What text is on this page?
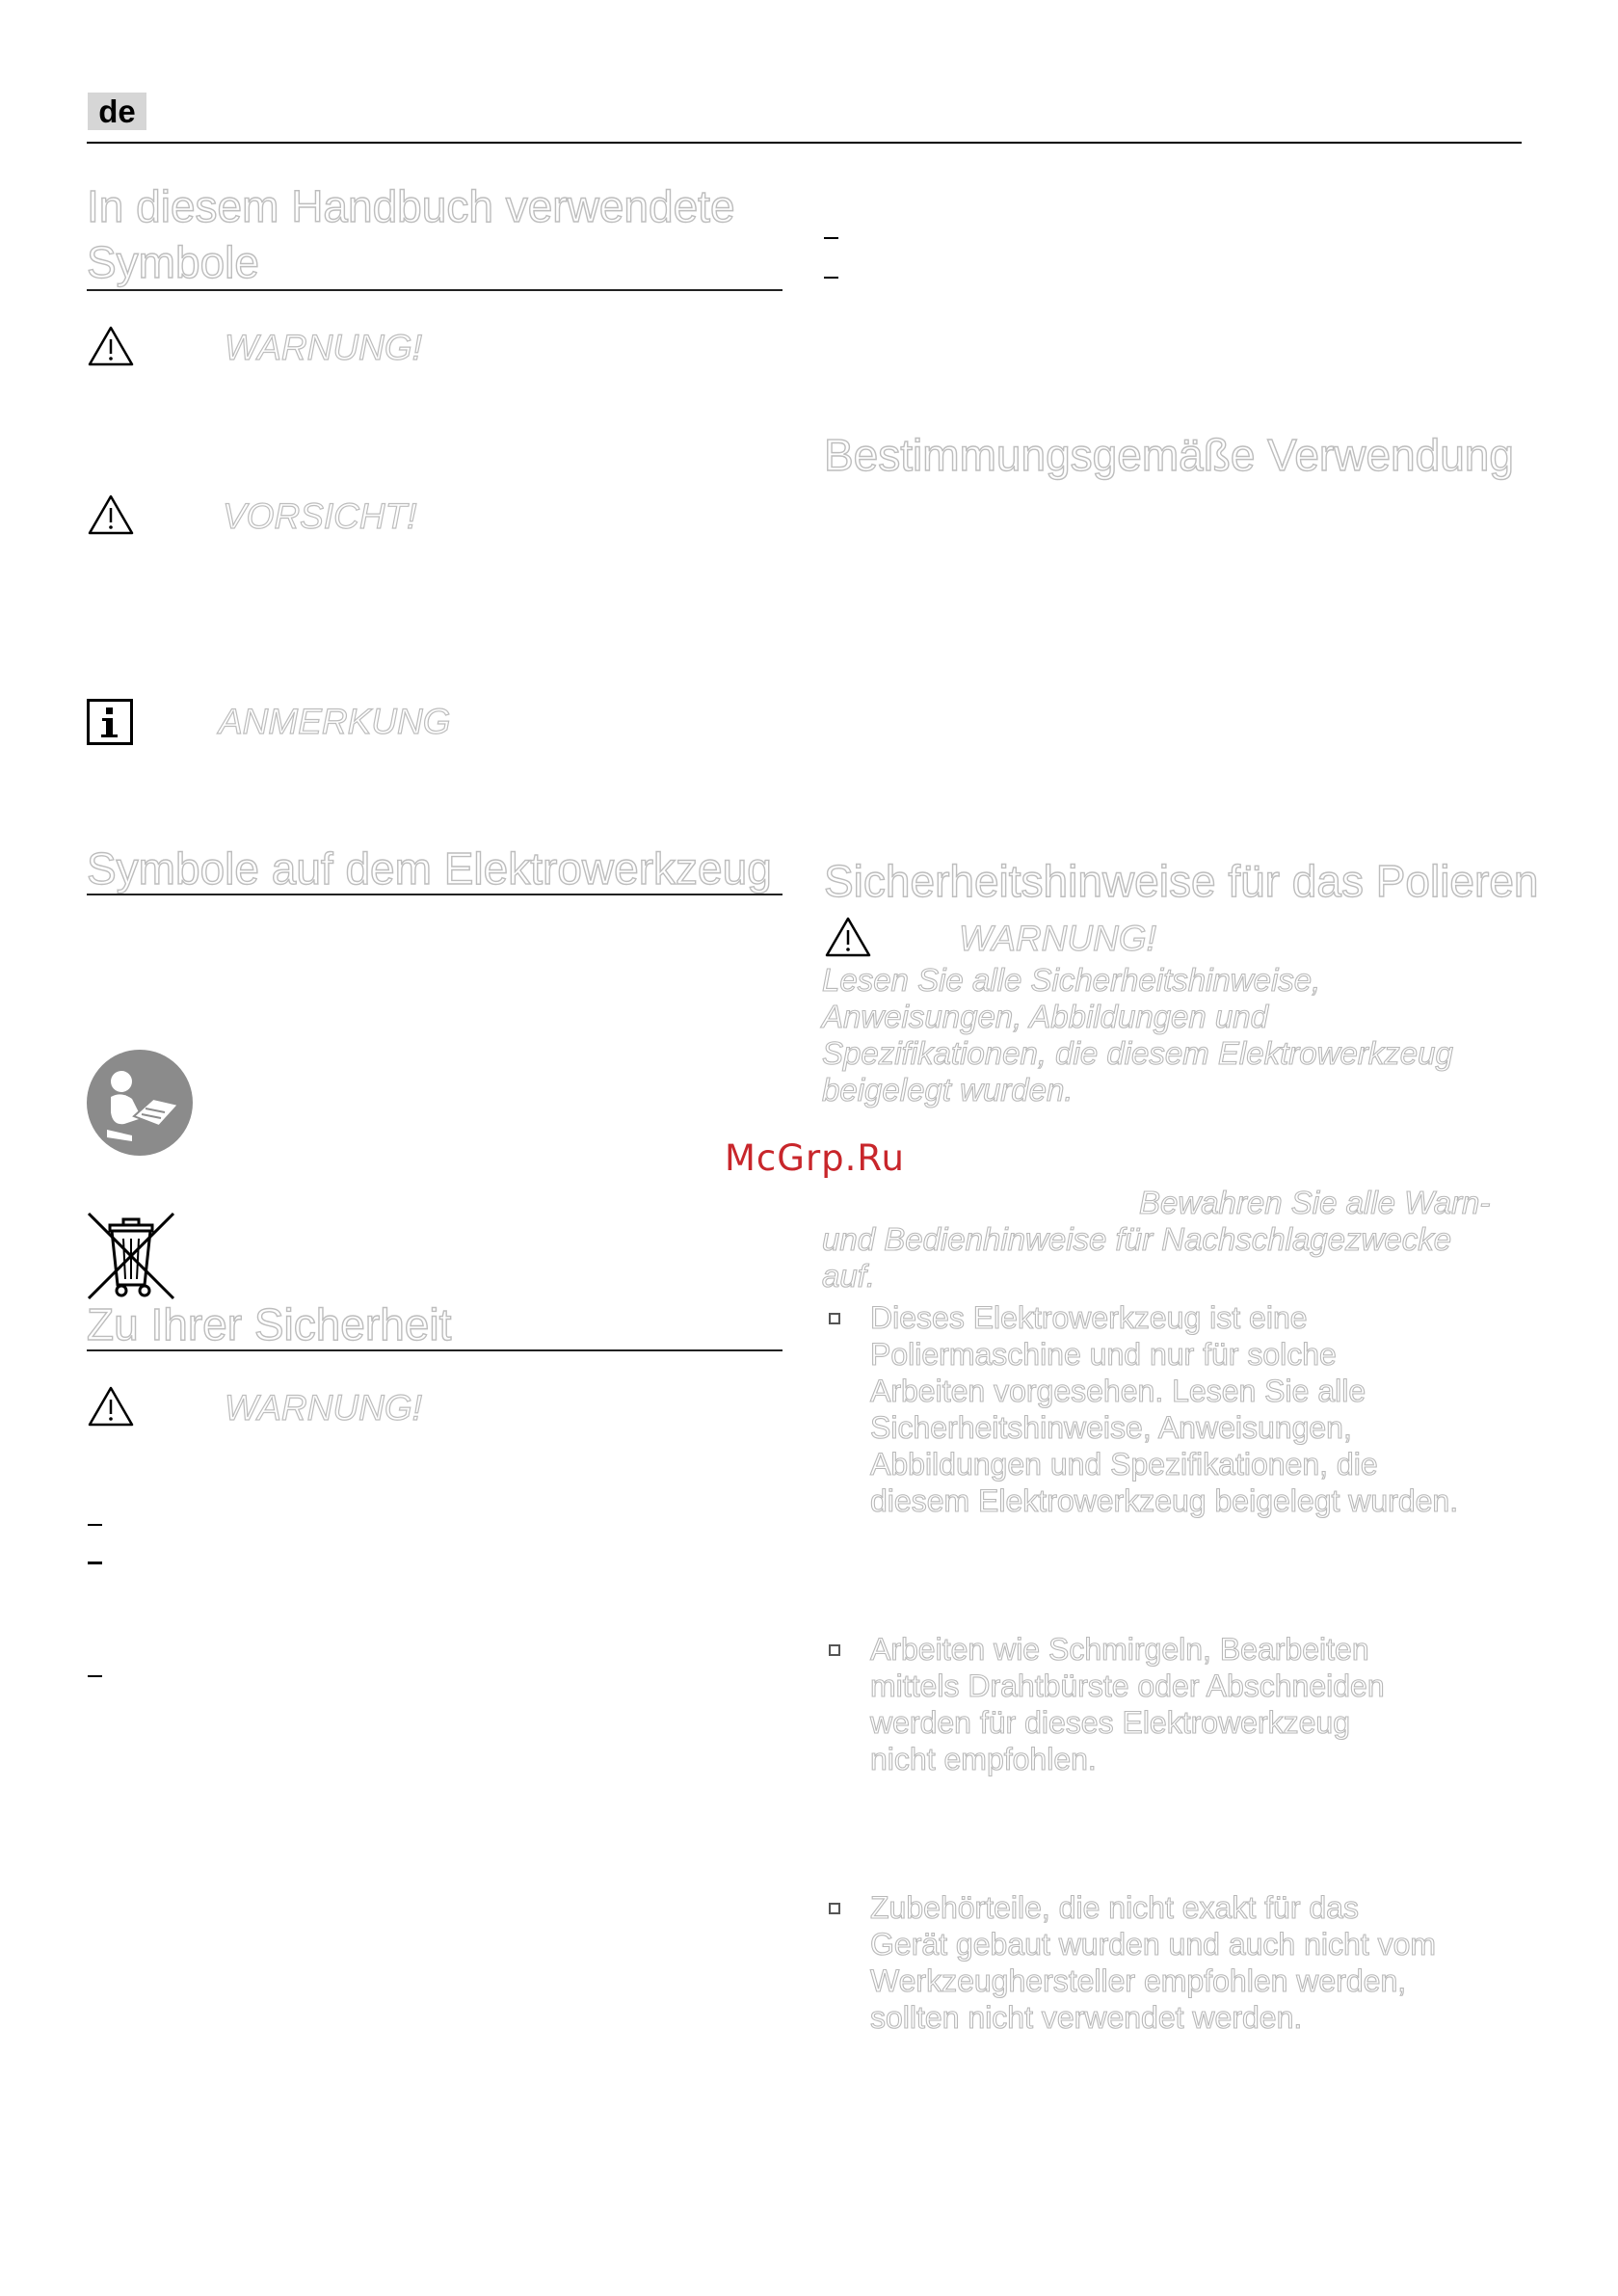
de
In diesem Handbuch verwendete
Symbole
WARNUNG!
VORSICHT!
ANMERKUNG
Symbole auf dem Elektrowerkzeug
Zu Ihrer Sicherheit
WARNUNG!
Bestimmungsgemäße Verwendung
Sicherheitshinweise für das Polieren
WARNUNG!
Lesen Sie alle Sicherheitshinweise,
Anweisungen, Abbildungen und
Spezifikationen, die diesem Elektrowerkzeug
beigelegt wurden.
Bewahren Sie alle Warn-
und Bedienhinweise für Nachschlagezwecke
auf.
Dieses Elektrowerkzeug ist eine
Poliermaschine und nur für solche
Arbeiten vorgesehen. Lesen Sie alle
Sicherheitshinweise, Anweisungen,
Abbildungen und Spezifikationen, die
diesem Elektrowerkzeug beigelegt wurden.
Arbeiten wie Schmirgeln, Bearbeiten
mittels Drahtbürste oder Abschneiden
werden für dieses Elektrowerkzeug
nicht empfohlen.
Zubehörteile, die nicht exakt für das
Gerät gebaut wurden und auch nicht vom
Werkzeughersteller empfohlen werden,
sollten nicht verwendet werden.
McGrp.Ru
